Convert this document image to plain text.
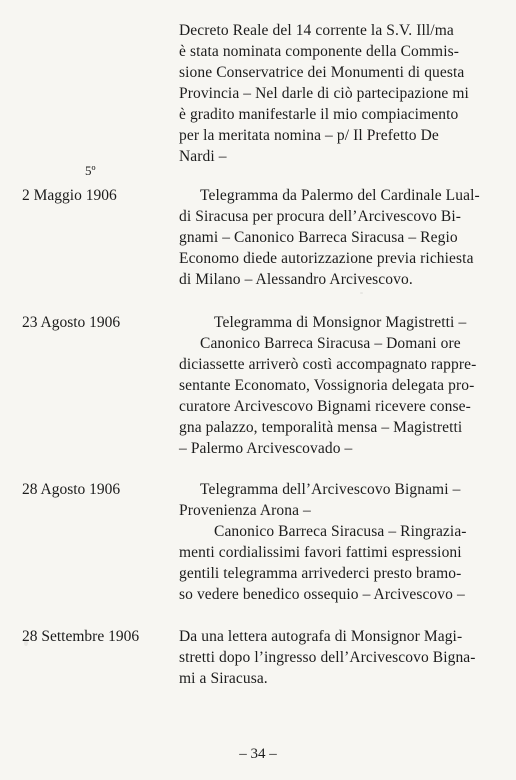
Decreto Reale del 14 corrente la S.V. Ill/ma
è stata nominata componente della Commis-
sione Conservatrice dei Monumenti di questa
Provincia – Nel darle di ciò partecipazione mi
è gradito manifestarle il mio compiacimento
per la meritata nomina – p/ Il Prefetto De
Nardi –
5º
2 Maggio 1906	Telegramma da Palermo del Cardinale Lual-
di Siracusa per procura dell’Arcivescovo Bi-
gnami – Canonico Barreca Siracusa – Regio
Economo diede autorizzazione previa richiesta
di Milano – Alessandro Arcivescovo.
23 Agosto 1906	Telegramma di Monsignor Magistretti –
Canonico Barreca Siracusa – Domani ore
diciassette arriverò costì accompagnato rappre-
sentante Economato, Vossignoria delegata pro-
curatore Arcivescovo Bignami ricevere conse-
gna palazzo, temporalità mensa – Magistretti
– Palermo Arcivescovado –
28 Agosto 1906	Telegramma dell’Arcivescovo Bignami –
Provenienza Arona –
Canonico Barreca Siracusa – Ringrazia-
menti cordialissimi favori fattimi espressioni
gentili telegramma arrivederci presto bramo-
so vedere benedico ossequio – Arcivescovo –
28 Settembre 1906	Da una lettera autografa di Monsignor Magi-
stretti dopo l’ingresso dell’Arcivescovo Bigna-
mi a Siracusa.
– 34 –
